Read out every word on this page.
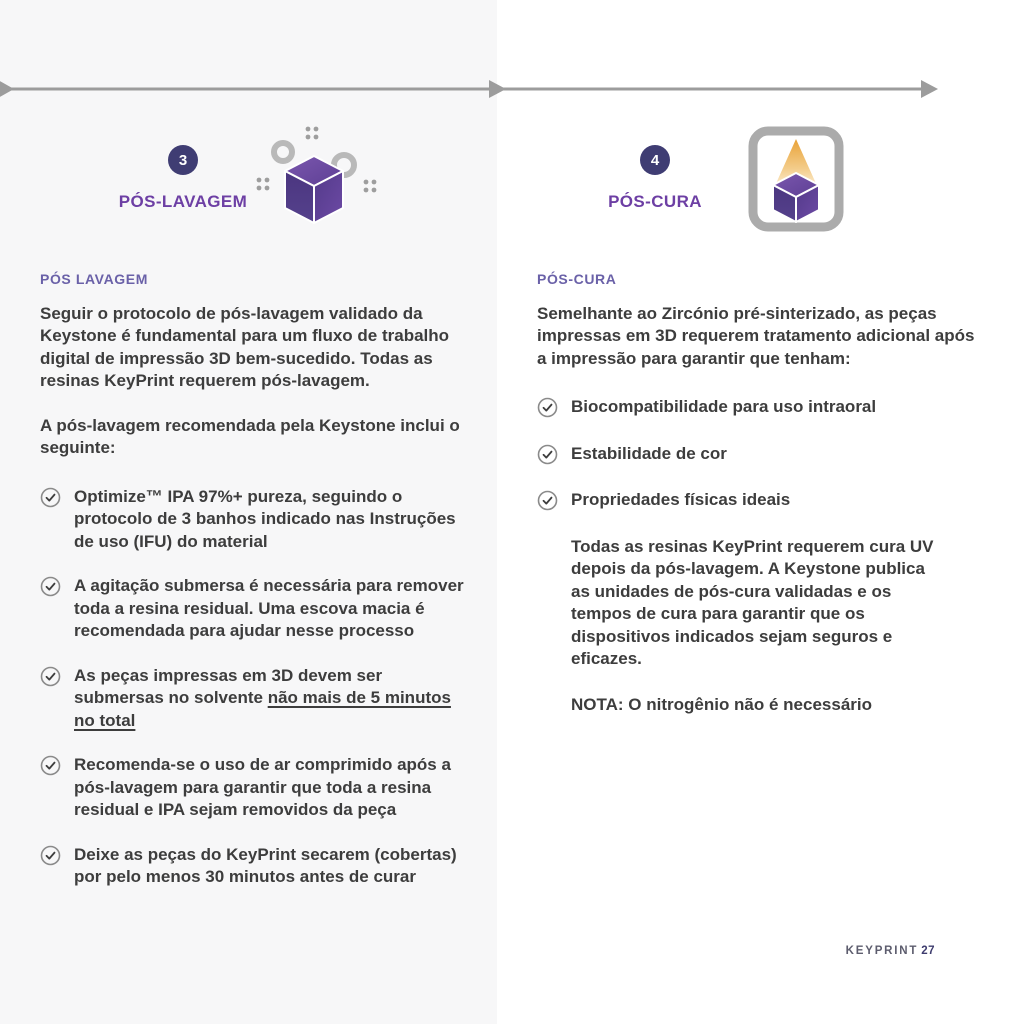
3
PÓS-LAVAGEM
4
PÓS-CURA
PÓS LAVAGEM

Seguir o protocolo de pós-lavagem validado da Keystone é fundamental para um fluxo de trabalho digital de impressão 3D bem-sucedido. Todas as resinas KeyPrint requerem pós-lavagem.

A pós-lavagem recomendada pela Keystone inclui o seguinte:

Optimize™ IPA 97%+ pureza, seguindo o protocolo de 3 banhos indicado nas Instruções de uso (IFU) do material
A agitação submersa é necessária para remover toda a resina residual. Uma escova macia é recomendada para ajudar nesse processo
As peças impressas em 3D devem ser submersas no solvente não mais de 5 minutos no total
Recomenda-se o uso de ar comprimido após a pós-lavagem para garantir que toda a resina residual e IPA sejam removidos da peça
Deixe as peças do KeyPrint secarem (cobertas) por pelo menos 30 minutos antes de curar
PÓS-CURA

Semelhante ao Zircónio pré-sinterizado, as peças impressas em 3D requerem tratamento adicional após a impressão para garantir que tenham:

Biocompatibilidade para uso intraoral
Estabilidade de cor
Propriedades físicas ideais

Todas as resinas KeyPrint requerem cura UV depois da pós-lavagem. A Keystone publica as unidades de pós-cura validadas e os tempos de cura para garantir que os dispositivos indicados sejam seguros e eficazes.

NOTA: O nitrogênio não é necessário

KEYPRINT 27
